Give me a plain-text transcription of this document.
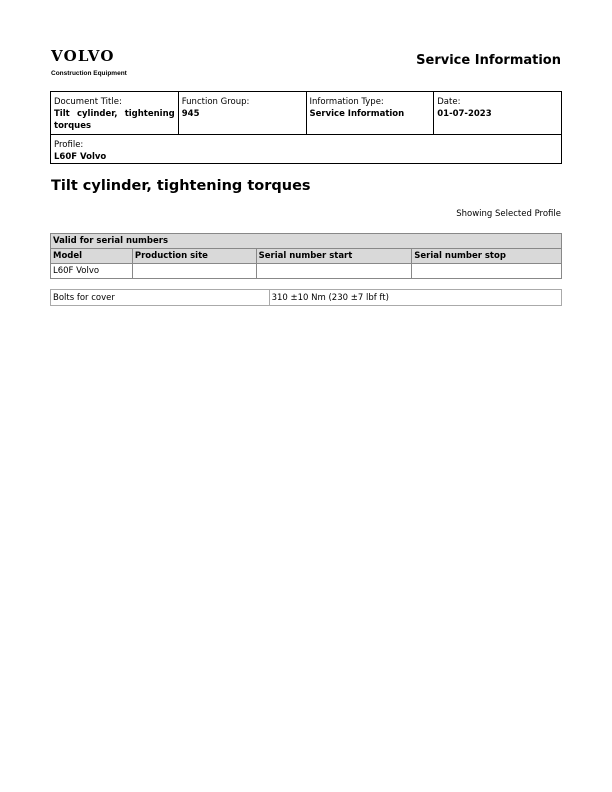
VOLVO
Construction Equipment
Service Information
Document Title:
Tilt cylinder, tightening torques
Function Group:
945
Information Type:
Service Information
Date:
01-07-2023
Profile:
L60F Volvo
Tilt cylinder, tightening torques
Showing Selected Profile
Valid for serial numbers			
Model	Production site	Serial number start	Serial number stop
L60F Volvo			
Bolts for cover	310 ±10 Nm (230 ±7 lbf ft)
